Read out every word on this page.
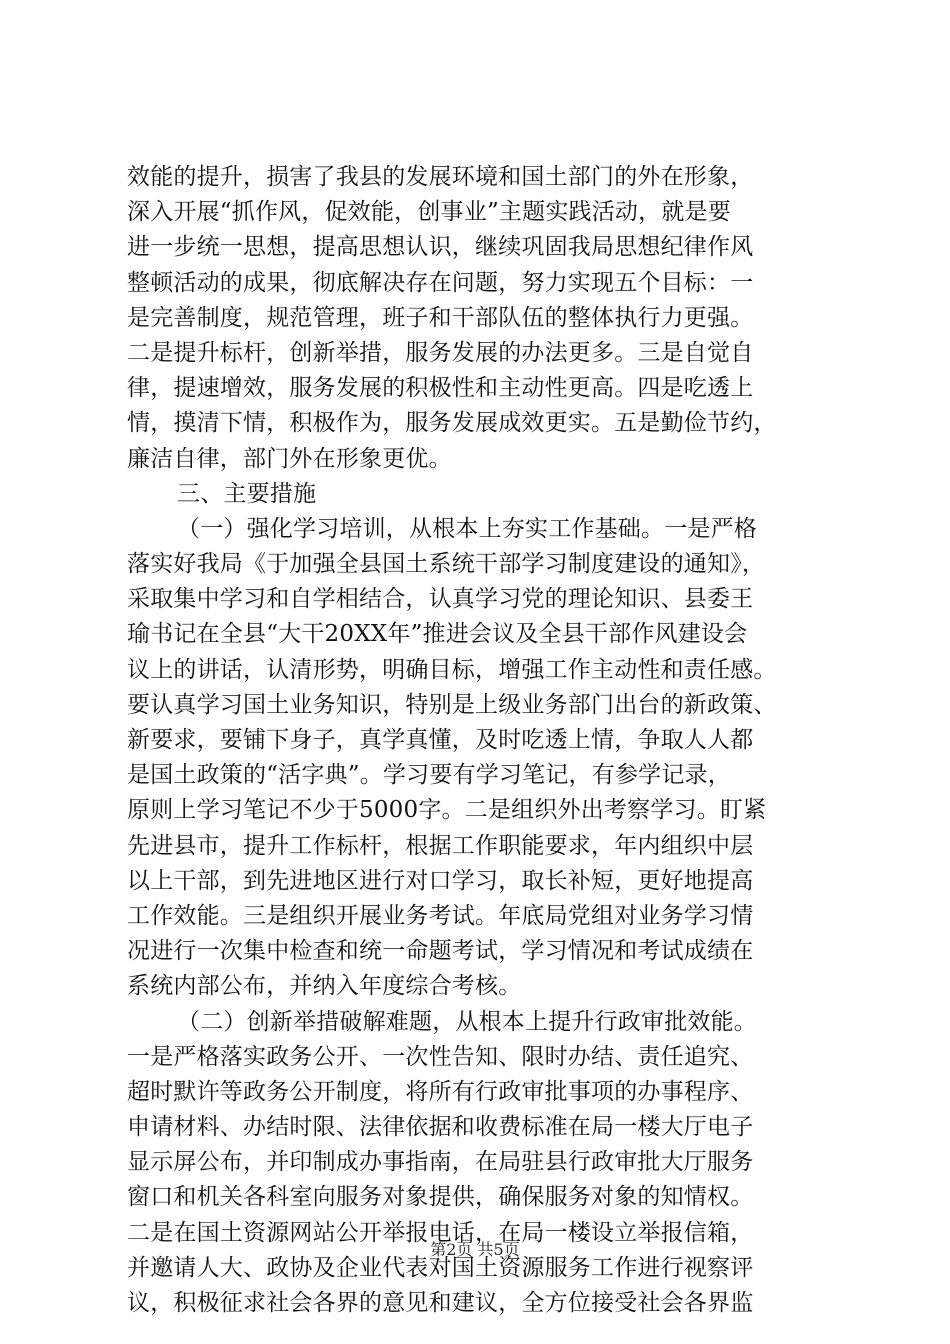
效能的提升，损害了我县的发展环境和国土部门的外在形象，
深入开展“抓作风，促效能，创事业”主题实践活动，就是要
进一步统一思想，提高思想认识，继续巩固我局思想纪律作风
整顿活动的成果，彻底解决存在问题，努力实现五个目标：一
是完善制度，规范管理，班子和干部队伍的整体执行力更强。
二是提升标杆，创新举措，服务发展的办法更多。三是自觉自
律，提速增效，服务发展的积极性和主动性更高。四是吃透上
情，摸清下情，积极作为，服务发展成效更实。五是勤俭节约，
廉洁自律，部门外在形象更优。
三、主要措施
（一）强化学习培训，从根本上夯实工作基础。一是严格
落实好我局《于加强全县国土系统干部学习制度建设的通知》，
采取集中学习和自学相结合，认真学习党的理论知识、县委王
瑜书记在全县“大干20XX年”推进会议及全县干部作风建设会
议上的讲话，认清形势，明确目标，增强工作主动性和责任感。
要认真学习国土业务知识，特别是上级业务部门出台的新政策、
新要求，要铺下身子，真学真懂，及时吃透上情，争取人人都
是国土政策的“活字典”。学习要有学习笔记，有参学记录，
原则上学习笔记不少于5000字。二是组织外出考察学习。盯紧
先进县市，提升工作标杆，根据工作职能要求，年内组织中层
以上干部，到先进地区进行对口学习，取长补短，更好地提高
工作效能。三是组织开展业务考试。年底局党组对业务学习情
况进行一次集中检查和统一命题考试，学习情况和考试成绩在
系统内部公布，并纳入年度综合考核。
（二）创新举措破解难题，从根本上提升行政审批效能。
一是严格落实政务公开、一次性告知、限时办结、责任追究、
超时默许等政务公开制度，将所有行政审批事项的办事程序、
申请材料、办结时限、法律依据和收费标准在局一楼大厅电子
显示屏公布，并印制成办事指南，在局驻县行政审批大厅服务
窗口和机关各科室向服务对象提供，确保服务对象的知情权。
二是在国土资源网站公开举报电话，在局一楼设立举报信箱，
并邀请人大、政协及企业代表对国土资源服务工作进行视察评
议，积极征求社会各界的意见和建议，全方位接受社会各界监
第2页 共5页
